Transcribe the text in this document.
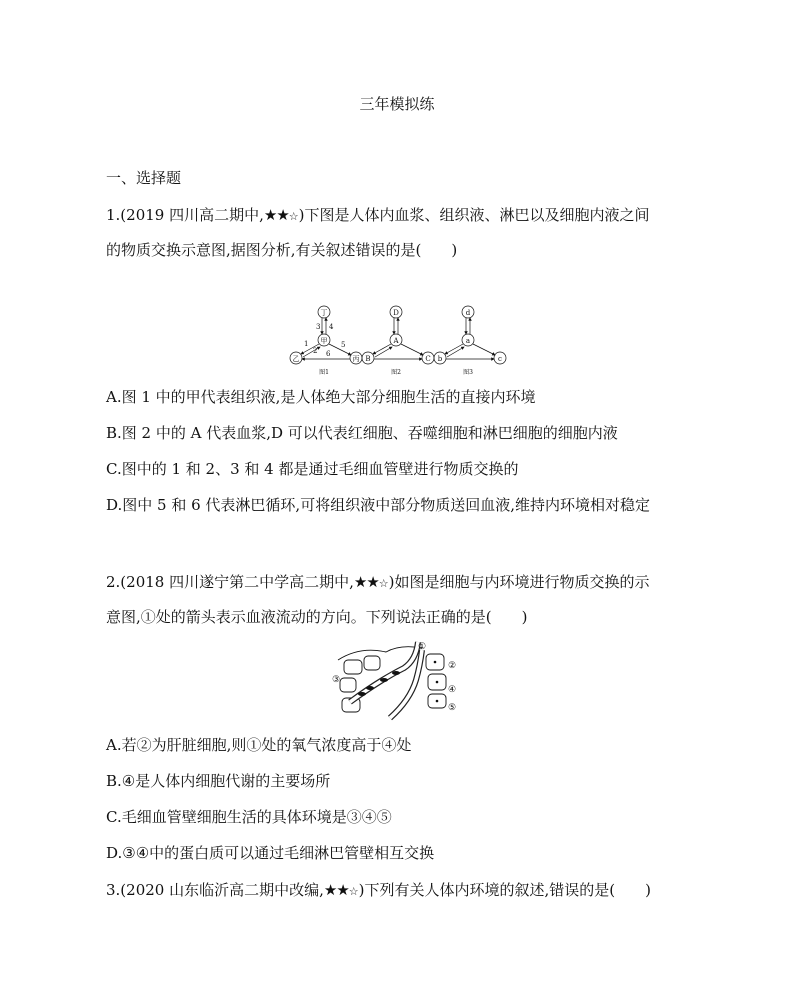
三年模拟练
一、选择题
1.(2019 四川高二期中,★★☆)下图是人体内血浆、组织液、淋巴以及细胞内液之间
的物质交换示意图,据图分析,有关叙述错误的是(　　)
丁
甲
乙	丙
图1
3 4
1
2
5
6
D
A
B	C
图2
d
a
b	c
图3
A.图 1 中的甲代表组织液,是人体绝大部分细胞生活的直接内环境
B.图 2 中的 A 代表血浆,D 可以代表红细胞、吞噬细胞和淋巴细胞的细胞内液
C.图中的 1 和 2、3 和 4 都是通过毛细血管壁进行物质交换的
D.图中 5 和 6 代表淋巴循环,可将组织液中部分物质送回血液,维持内环境相对稳定
2.(2018 四川遂宁第二中学高二期中,★★☆)如图是细胞与内环境进行物质交换的示
意图,①处的箭头表示血液流动的方向。下列说法正确的是(　　)
①
②
③
④
⑤
A.若②为肝脏细胞,则①处的氧气浓度高于④处
B.④是人体内细胞代谢的主要场所
C.毛细血管壁细胞生活的具体环境是③④⑤
D.③④中的蛋白质可以通过毛细淋巴管壁相互交换
3.(2020 山东临沂高二期中改编,★★☆)下列有关人体内环境的叙述,错误的是(　　)
